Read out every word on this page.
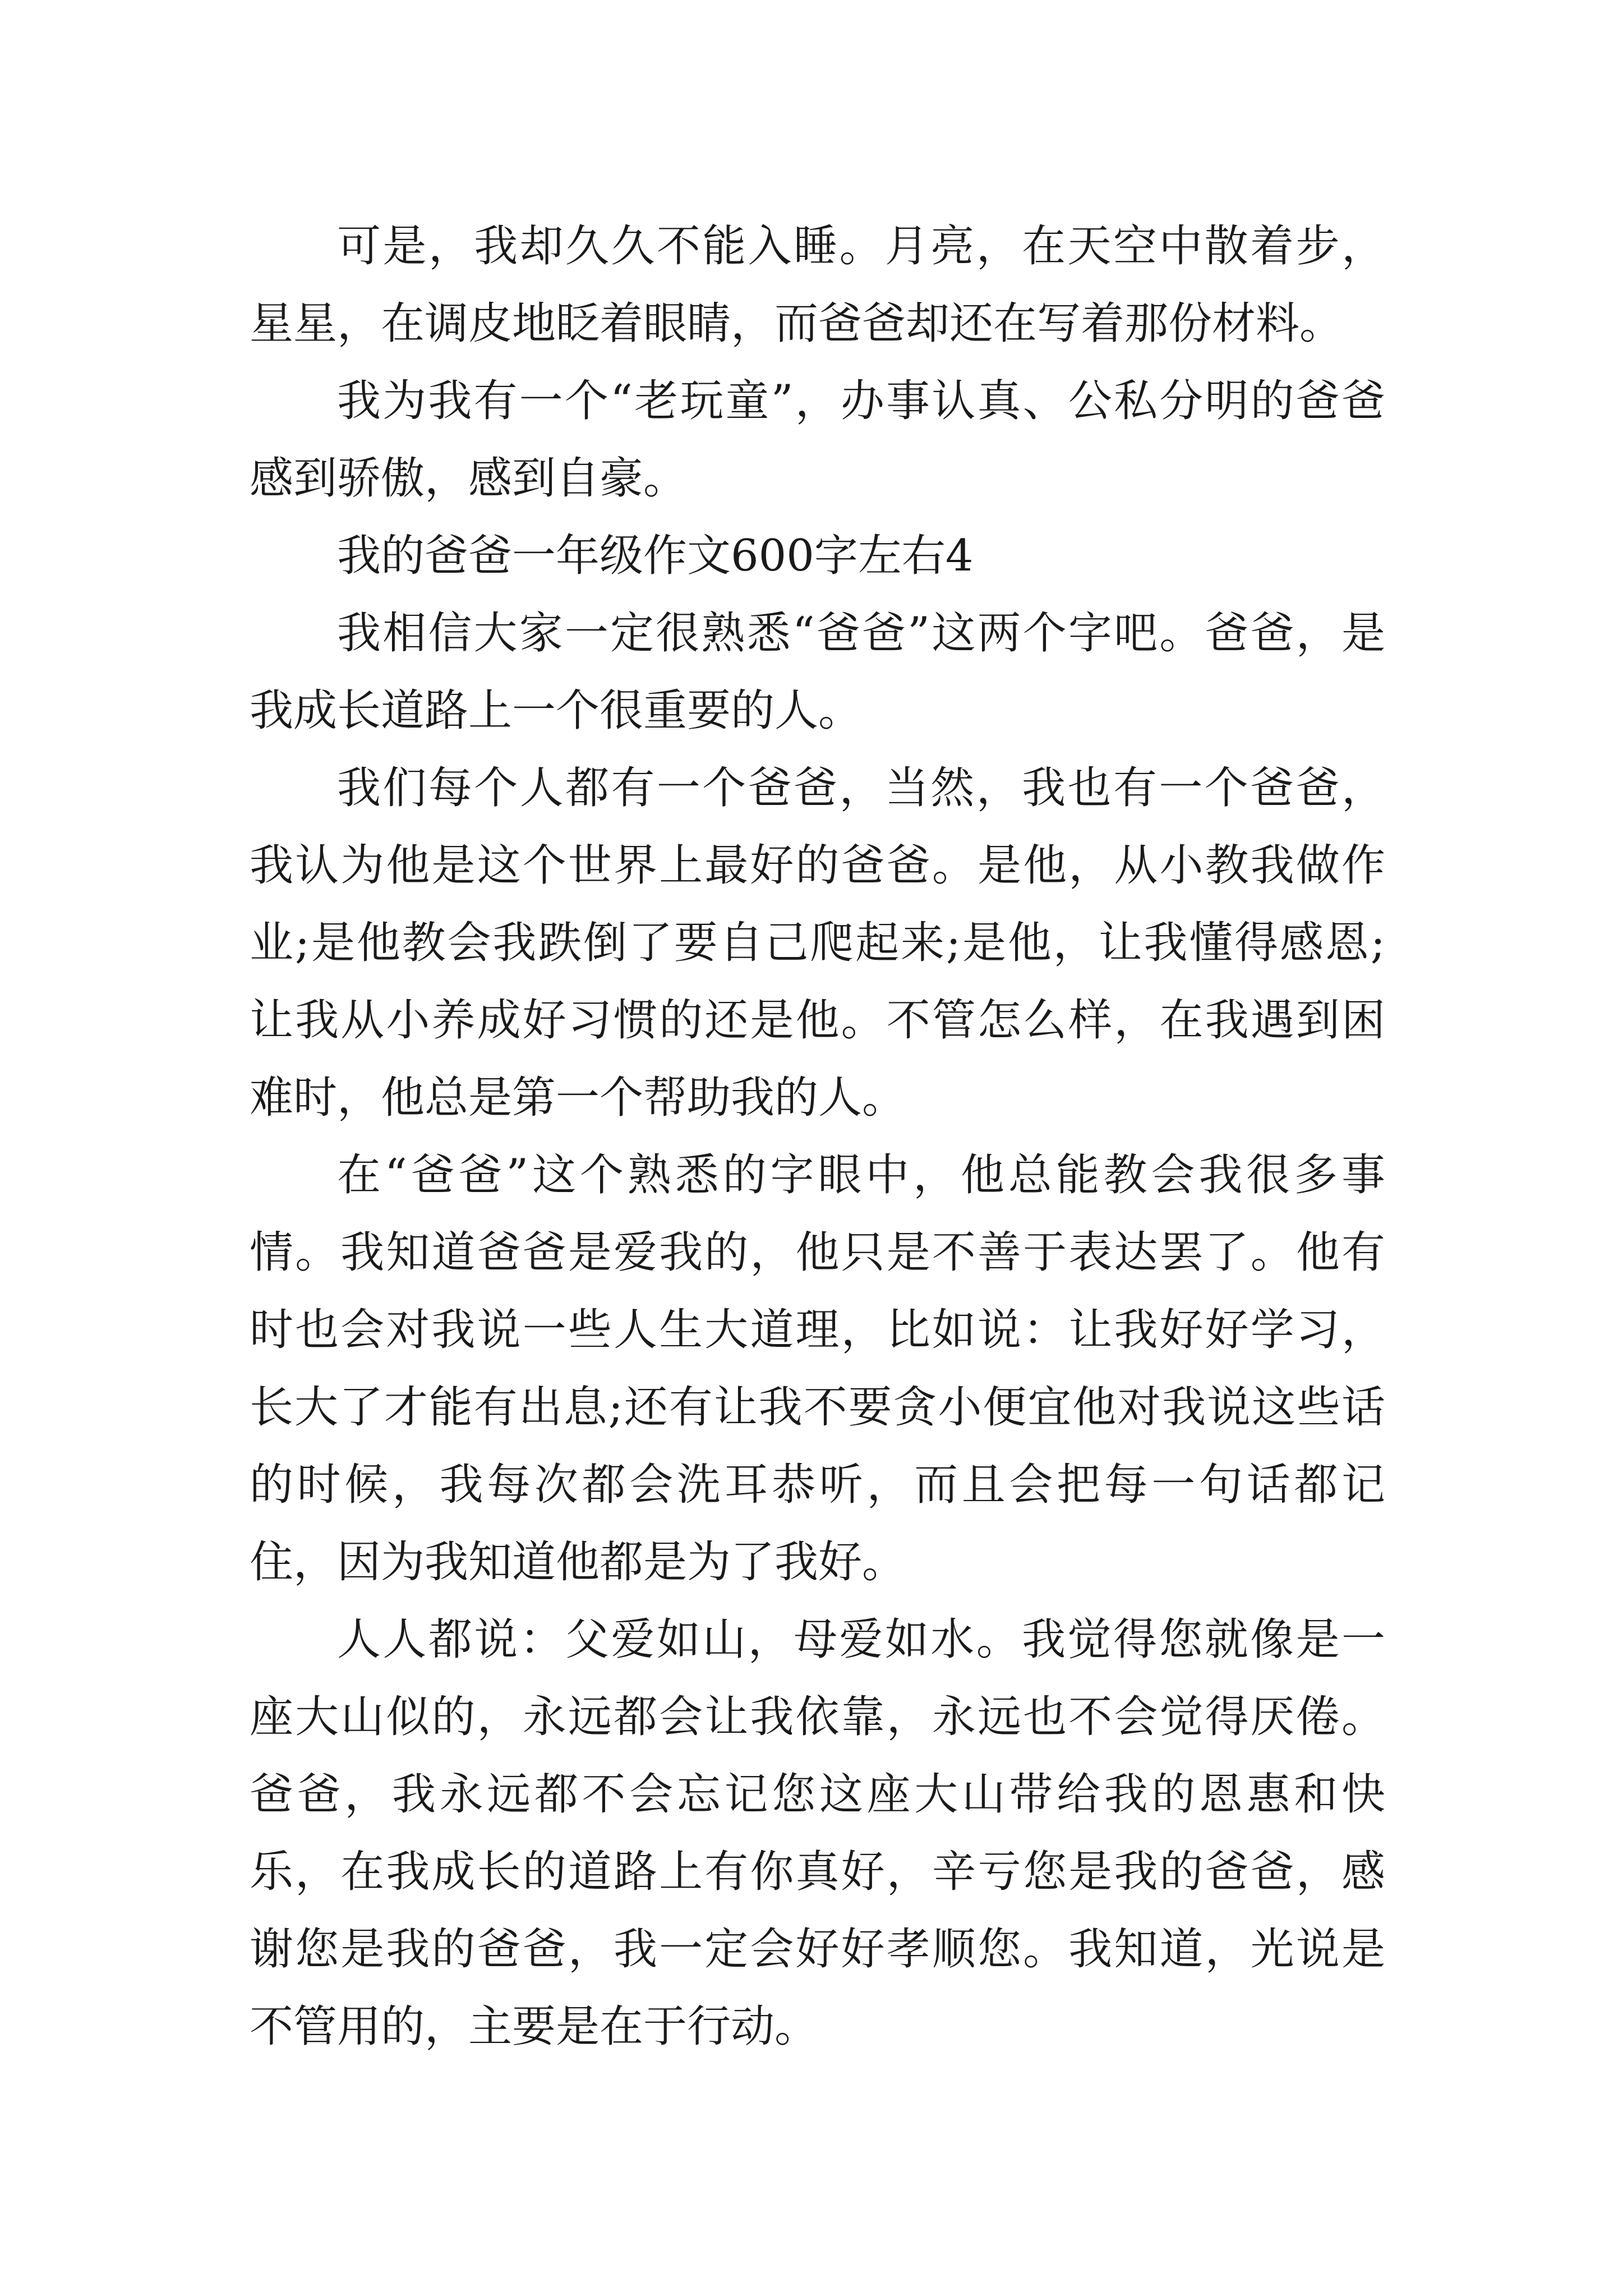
可是，我却久久不能入睡。月亮，在天空中散着步，星星，在调皮地眨着眼睛，而爸爸却还在写着那份材料。

我为我有一个“老玩童”，办事认真、公私分明的爸爸感到骄傲，感到自豪。

我的爸爸一年级作文600字左右4

我相信大家一定很熟悉“爸爸”这两个字吧。爸爸，是我成长道路上一个很重要的人。

我们每个人都有一个爸爸，当然，我也有一个爸爸，我认为他是这个世界上最好的爸爸。是他，从小教我做作业;是他教会我跌倒了要自己爬起来;是他，让我懂得感恩;让我从小养成好习惯的还是他。不管怎么样，在我遇到困难时，他总是第一个帮助我的人。

在“爸爸”这个熟悉的字眼中，他总能教会我很多事情。我知道爸爸是爱我的，他只是不善于表达罢了。他有时也会对我说一些人生大道理，比如说：让我好好学习，长大了才能有出息;还有让我不要贪小便宜他对我说这些话的时候，我每次都会洗耳恭听，而且会把每一句话都记住，因为我知道他都是为了我好。

人人都说：父爱如山，母爱如水。我觉得您就像是一座大山似的，永远都会让我依靠，永远也不会觉得厌倦。爸爸，我永远都不会忘记您这座大山带给我的恩惠和快乐，在我成长的道路上有你真好，辛亏您是我的爸爸，感谢您是我的爸爸，我一定会好好孝顺您。我知道，光说是不管用的，主要是在于行动。
